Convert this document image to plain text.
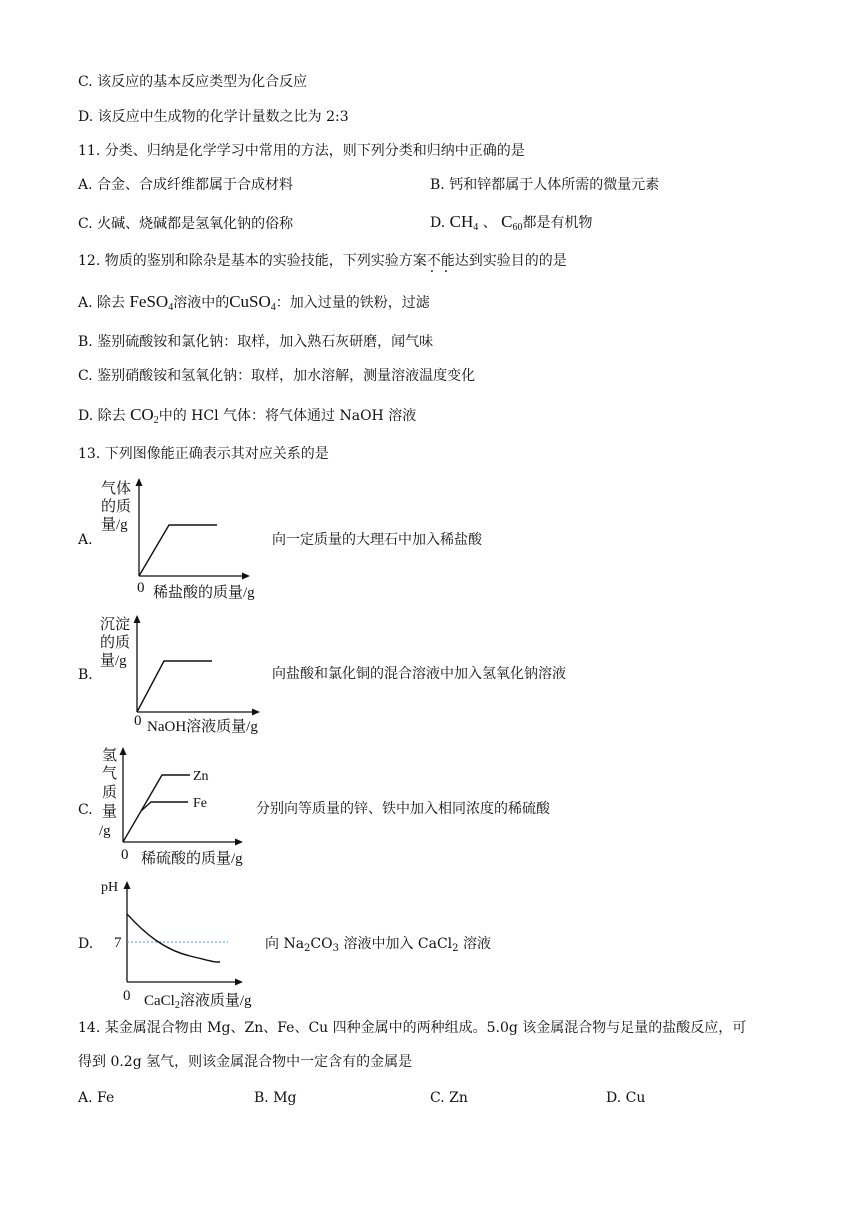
C. 该反应的基本反应类型为化合反应
D. 该反应中生成物的化学计量数之比为 2:3
11. 分类、归纳是化学学习中常用的方法，则下列分类和归纳中正确的是
A. 合金、合成纤维都属于合成材料	B. 钙和锌都属于人体所需的微量元素
C. 火碱、烧碱都是氢氧化钠的俗称	D. $CH_4$ 、 $C_{60}$都是有机物
12. 物质的鉴别和除杂是基本的实验技能，下列实验方案不能达到实验目的的是
A. 除去 FeSO$_4$溶液中的CuSO$_4$：加入过量的铁粉，过滤
B. 鉴别硫酸铵和氯化钠：取样，加入熟石灰研磨，闻气味
C. 鉴别硝酸铵和氢氧化钠：取样，加水溶解，测量溶液温度变化
D. 除去 $CO_2$中的 HCl 气体：将气体通过 NaOH 溶液
13. 下列图像能正确表示其对应关系的是
A.
气体
的质
量/g
0 稀盐酸的质量/g
向一定质量的大理石中加入稀盐酸
B.
沉淀
的质
量/g
0 NaOH溶液质量/g
向盐酸和氯化铜的混合溶液中加入氢氧化钠溶液
C.
Zn
Fe
氢
气
质
量
/g
0 稀硫酸的质量/g
分别向等质量的锌、铁中加入相同浓度的稀硫酸
D.
pH
7
0 CaCl$_2$溶液质量/g
向 $Na_2CO_3$ 溶液中加入 CaCl$_2$ 溶液
14. 某金属混合物由 Mg、Zn、Fe、Cu 四种金属中的两种组成。5.0g 该金属混合物与足量的盐酸反应，可
得到 0.2g 氢气，则该金属混合物中一定含有的金属是
A. Fe	B. Mg	C. Zn	D. Cu
